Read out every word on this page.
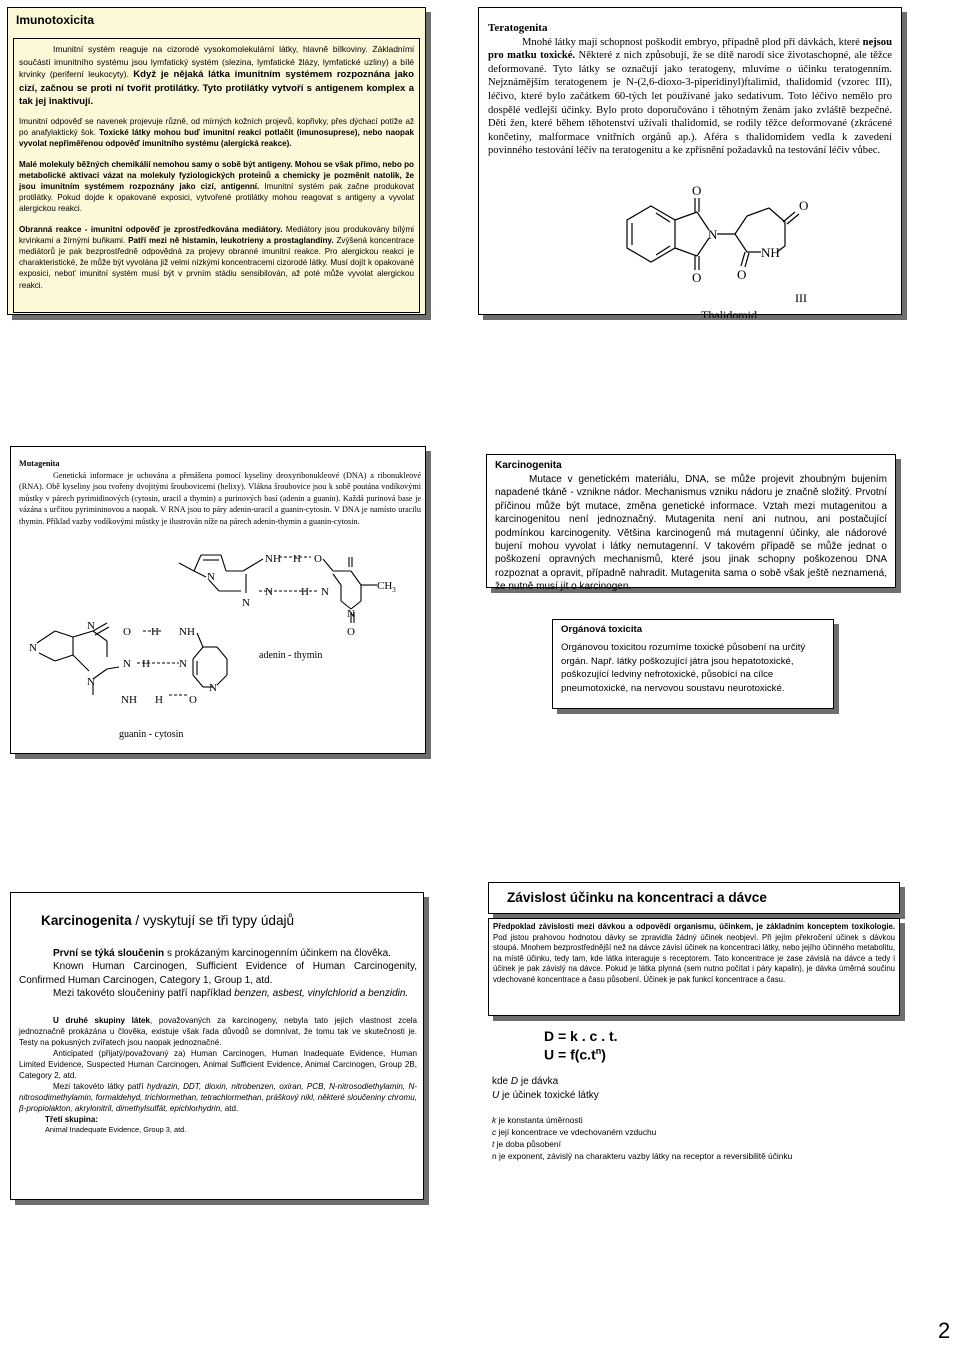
Imunotoxicita

Imunitní systém reaguje na cizorodé vysokomolekulární látky, hlavně bílkoviny. Základními součástí imunitního systému jsou lymfatický systém (slezina, lymfatické žlázy, lymfatické uzliny) a bílé krvinky (periferní leukocyty). Když je nějaká látka imunitním systémem rozpoznána jako cizí, začnou se proti ní tvořit protilátky. Tyto protilátky vytvoří s antigenem komplex a tak jej inaktivují.

Imunitní odpověď se navenek projevuje různě, od mírných kožních projevů, kopřivky, přes dýchací potíže až po anafylaktický šok. Toxické látky mohou buď imunitní reakci potlačit (imunosuprese), nebo naopak vyvolat nepřiměřenou odpověď imunitního systému (alergická reakce).

Malé molekuly běžných chemikálií nemohou samy o sobě být antigeny. Mohou se však přímo, nebo po metabolické aktivaci vázat na molekuly fyziologických proteinů a chemicky je pozměnit natolik, že jsou imunitním systémem rozpoznány jako cizí, antigenní. Imunitní systém pak začne produkovat protilátky. Pokud dojde k opakované exposici, vytvořené protilátky mohou reagovat s antigeny a vyvolat alergickou reakci.

Obranná reakce - imunitní odpověď je zprostředkována mediátory. Mediátory jsou produkovány bílými krvinkami a žírnými buňkami. Patří mezi ně histamin, leukotrieny a prostaglandiny. Zvýšená koncentrace mediátorů je pak bezprostředně odpovědná za projevy obranné imunitní reakce. Pro alergickou reakci je charakteristické, že může být vyvolána již velmi nízkými koncentracemi cizorodé látky. Musí dojít k opakované exposici, neboť imunitní systém musí být v prvním stádiu sensibilován, až poté může vyvolat alergickou reakci.

Teratogenita

Mnohé látky mají schopnost poškodit embryo, případně plod při dávkách, které nejsou pro matku toxické. Některé z nich způsobují, že se dítě narodí sice životaschopné, ale těžce deformované. Tyto látky se označují jako teratogeny, mluvíme o účinku teratogenním. Nejznámějším teratogenem je N-(2,6-dioxo-3-piperidinyl)ftalimid, thalidomid (vzorec III), léčivo, které bylo začátkem 60-tých let používané jako sedativum. Toto léčivo nemělo pro dospělé vedlejší účinky. Bylo proto doporučováno i těhotným ženám jako zvláště bezpečné. Děti žen, které během těhotenství užívali thalidomid, se rodily těžce deformované (zkrácené končetiny, malformace vnitřních orgánů ap.). Aféra s thalidomidem vedla k zavedení povinného testování léčiv na teratogenitu a ke zpřísnění požadavků na testování léčiv vůbec.

O
O
N
O
NH
O
Thalidomid
III

Mutagenita

Genetická informace je uchována a přenášena pomocí kyseliny deoxyribonukleové (DNA) a ribonukleové (RNA). Obě kyseliny jsou tvořeny dvojitými šroubovicemi (helixy). Vlákna šroubovice jsou k sobě poutána vodíkovými můstky v párech pyrimidinových (cytosin, uracil a thymin) a purinových basí (adenin a guanin). Každá purinová base je vázána s určitou pyrimininovou a naopak. V RNA jsou to páry adenin-uracil a guanin-cytosin. V DNA je namísto uracilu thymin. Příklad vazby vodíkovými můstky je ilustrován níže na párech adenin-thymin a guanin-cytosin.

N
N
N
NH H O
H N
N
O
$CH_3$
N
N	O H NH
N H	N
N
NH H O
N
adenin - thymin
guanin - cytosin

Karcinogenita

Mutace v genetickém materiálu, DNA, se může projevit zhoubným bujením napadené tkáně - vznikne nádor. Mechanismus vzniku nádoru je značně složitý. Prvotní příčinou může být mutace, změna genetické informace. Vztah mezi mutagenitou a karcinogenitou není jednoznačný. Mutagenita není ani nutnou, ani postačující podmínkou karcinogenity. Většina karcinogenů má mutagenní účinky, ale nádorové bujení mohou vyvolat i látky nemutagenní. V takovém případě se může jednat o poškození opravných mechanismů, které jsou jinak schopny poškozenou DNA rozpoznat a opravit, případně nahradit. Mutagenita sama o sobě však ještě neznamená, že nutně musí jít o karcinogen.

Orgánová toxicita

Orgánovou toxicitou rozumíme toxické působení na určitý orgán. Např. látky poškozující játra jsou hepatotoxické, poškozující ledviny nefrotoxické, působící na cílce pneumotoxické, na nervovou soustavu neurotoxické.

Karcinogenita / vyskytují se tři typy údajů

První se týká sloučenin s prokázaným karcinogenním účinkem na člověka.

Known Human Carcinogen, Sufficient Evidence of Human Carcinogenity, Confirmed Human Carcinogen, Category 1, Group 1, atd.

Mezi takovéto sloučeniny patří například benzen, asbest, vinylchlorid a benzidin.

U druhé skupiny látek, považovaných za karcinogeny, nebyla tato jejich vlastnost zcela jednoznačně prokázána u člověka, existuje však řada důvodů se domnívat, že tomu tak ve skutečnosti je. Testy na pokusných zvířatech jsou naopak jednoznačné.

Anticipated (přijatý/považovaný za) Human Carcinogen, Human Inadequate Evidence, Human Limited Evidence, Suspected Human Carcinogen, Animal Sufficient Evidence, Animal Carcinogen, Group 2B, Category 2, atd.

Mezi takovéto látky patří hydrazin, DDT, dioxin, nitrobenzen, oxiran, PCB, N-nitrosodiethylamin, N-nitrosodimethylamin, formaldehyd, trichlormethan, tetrachlormethan, práškový nikl, některé sloučeniny chromu, β-propiolakton, akrylonitril, dimethylsulfát, epichlorhydrin, atd.

Třetí skupina:

Animal Inadequate Evidence, Group 3, atd.

Závislost účinku na koncentraci a dávce

Předpoklad závislosti mezi dávkou a odpovědí organismu, účinkem, je základním konceptem toxikologie. Pod jistou prahovou hodnotou dávky se zpravidla žádný účinek neobjeví. Při jejím překročení účinek s dávkou stoupá. Mnohem bezprostřednější než na dávce závisí účinek na koncentraci látky, nebo jejího účinného metabolitu, na místě účinku, tedy tam, kde látka interaguje s receptorem. Tato koncentrace je zase závislá na dávce a tedy i účinek je pak závislý na dávce. Pokud je látka plynná (sem nutno počítat i páry kapalin), je dávka úměrná součinu vdechované koncentrace a času působení. Účinek je pak funkcí koncentrace a času.

D = k . c . t.
$U = f(c.t^n)$

kde D je dávka

U je účinek toxické látky

k je konstanta úměrnosti

c její koncentrace ve vdechovaném vzduchu

t je doba působení

n je exponent, závislý na charakteru vazby látky na receptor a reversibilitě účinku

2
